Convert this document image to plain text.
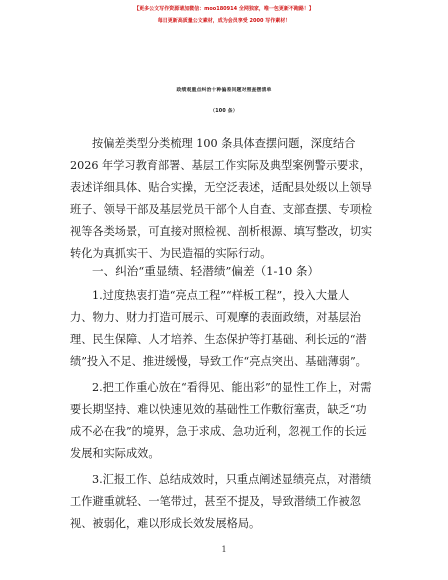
【更多公文写作资源请加微信：moo180914 全网独家，唯一包更新不跑路！】
每日更新高质量公文素材，成为会员享受 2000 写作素材！
政绩观重点纠治十种偏差问题对照查摆清单
（100 条）
按偏差类型分类梳理 100 条具体查摆问题，深度结合
2026 年学习教育部署、基层工作实际及典型案例警示要求，
表述详细具体、贴合实操，无空泛表述，适配县处级以上领导
班子、领导干部及基层党员干部个人自查、支部查摆、专项检
视等各类场景，可直接对照检视、剖析根源、填写整改，切实
转化为真抓实干、为民造福的实际行动。
一、纠治“重显绩、轻潜绩”偏差（1-10 条）
1.过度热衷打造“亮点工程”“样板工程”，投入大量人
力、物力、财力打造可展示、可观摩的表面政绩，对基层治
理、民生保障、人才培养、生态保护等打基础、利长远的“潜
绩”投入不足、推进缓慢，导致工作“亮点突出、基础薄弱”。
2.把工作重心放在“看得见、能出彩”的显性工作上，对需
要长期坚持、难以快速见效的基础性工作敷衍塞责，缺乏“功
成不必在我”的境界，急于求成、急功近利，忽视工作的长远
发展和实际成效。
3.汇报工作、总结成效时，只重点阐述显绩亮点，对潜绩
工作避重就轻、一笔带过，甚至不提及，导致潜绩工作被忽
视、被弱化，难以形成长效发展格局。
1
